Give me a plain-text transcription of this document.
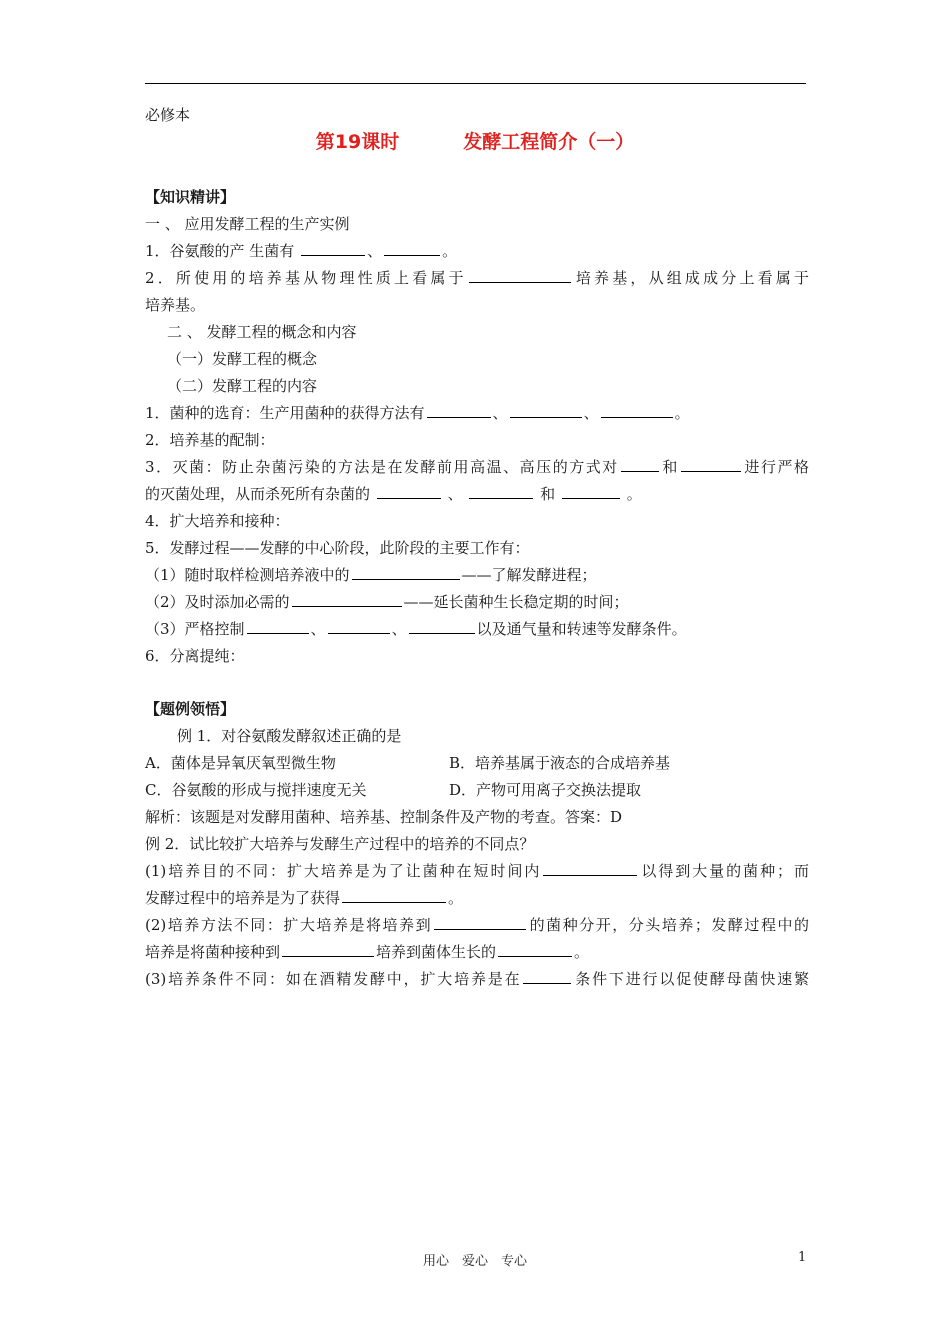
必修本
第19课时	发酵工程简介（一）
【知识精讲】
一 、 应用发酵工程的生产实例
1．谷氨酸的产 生菌有	、	。
2．所使用的培养基从物理性质上看属于	培养基，从组成成分上看属于
培养基。
二 、 发酵工程的概念和内容
（一）发酵工程的概念
（二）发酵工程的内容
1．菌种的选育：生产用菌种的获得方法有	、	、	。
2．培养基的配制：
3．灭菌：防止杂菌污染的方法是在发酵前用高温、高压的方式对	和	进行严格
的灭菌处理，从而杀死所有杂菌的	、	和	。
4．扩大培养和接种：
5．发酵过程——发酵的中心阶段，此阶段的主要工作有：
（1）随时取样检测培养液中的	——了解发酵进程；
（2）及时添加必需的	——延长菌种生长稳定期的时间；
（3）严格控制	、	、	以及通气量和转速等发酵条件。
6．分离提纯：
【题例领悟】
例 1．对谷氨酸发酵叙述正确的是
A．菌体是异氧厌氧型微生物	B．培养基属于液态的合成培养基
C．谷氨酸的形成与搅拌速度无关	D．产物可用离子交换法提取
解析：该题是对发酵用菌种、培养基、控制条件及产物的考查。答案：D
例 2．试比较扩大培养与发酵生产过程中的培养的不同点？
(1)培养目的不同：扩大培养是为了让菌种在短时间内	以得到大量的菌种；而
发酵过程中的培养是为了获得	。
(2)培养方法不同：扩大培养是将培养到	的菌种分开，分头培养；发酵过程中的
培养是将菌种接种到	培养到菌体生长的	。
(3)培养条件不同：如在酒精发酵中，扩大培养是在	条件下进行以促使酵母菌快速繁
用心　爱心　专心	1
